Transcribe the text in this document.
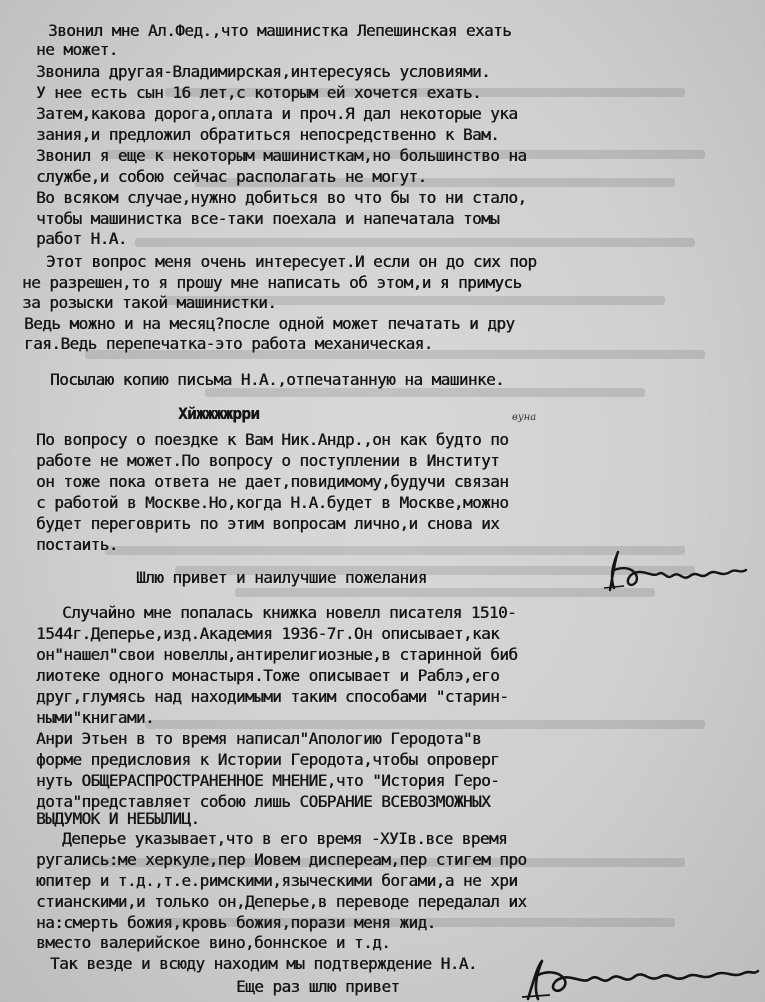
Звонил мне Ал.Фед.,что машинистка Лепешинская ехать

не может.

Звонила другая-Владимирская,интересуясь условиями.

У нее есть сын 16 лет,с которым ей хочется ехать.

Затем,какова дорога,оплата и проч.Я дал некоторые ука

зания,и предложил обратиться непосредственно к Вам.

Звонил я еще к некоторым машинисткам,но большинство на

службе,и собою сейчас располагать не могут.

Во всяком случае,нужно добиться во что бы то ни стало,

чтобы машинистка все-таки поехала и напечатала томы

работ Н.А.

Этот вопрос меня очень интересует.И если он до сих пор

не разрешен,то я прошу мне написать об этом,и я примусь

за розыски такой машинистки.

Ведь можно и на месяц?после одной может печатать и дру

гая.Ведь перепечатка-это работа механическая.

Посылаю копию письма Н.А.,отпечатанную на машинке.

Хйжжжжрри

По вопросу о поездке к Вам Ник.Андр.,он как будто по

работе не может.По вопросу о поступлении в Институт

он тоже пока ответа не дает,повидимому,будучи связан

с работой в Москве.Но,когда Н.А.будет в Москве,можно

будет переговрить по этим вопросам лично,и снова их

постаить.

Шлю привет и наилучшие пожелания

Случайно мне попалась книжка новелл писателя 1510-

1544г.Деперье,изд.Академия 1936-7г.Он описывает,как

он"нашел"свои новеллы,антирелигиозные,в старинной биб

лиотеке одного монастыря.Тоже описывает и Раблэ,его

друг,глумясь над находимыми таким способами "старин-

ными"книгами.

Анри Этьен в то время написал"Апологию Геродота"в

форме предисловия к Истории Геродота,чтобы опроверг

нуть ОБЩЕРАСПРОСТРАНЕННОЕ МНЕНИЕ,что "История Геро-

дота"представляет собою лишь СОБРАНИЕ ВСЕВОЗМОЖНЫХ

ВЫДУМОК И НЕБЫЛИЦ.

Деперье указывает,что в его время -ХУIв.все время

ругались:ме херкуле,пер Иовем диспереам,пер стигем про

юпитер и т.д.,т.е.римскими,языческими богами,а не хри

стианскими,и только он,Деперье,в переводе передалал их

на:смерть божия,кровь божия,порази меня жид.

вместо валерийское вино,боннское и т.д.

Так везде и всюду находим мы подтверждение Н.А.

Еще раз шлю привет

вуна
